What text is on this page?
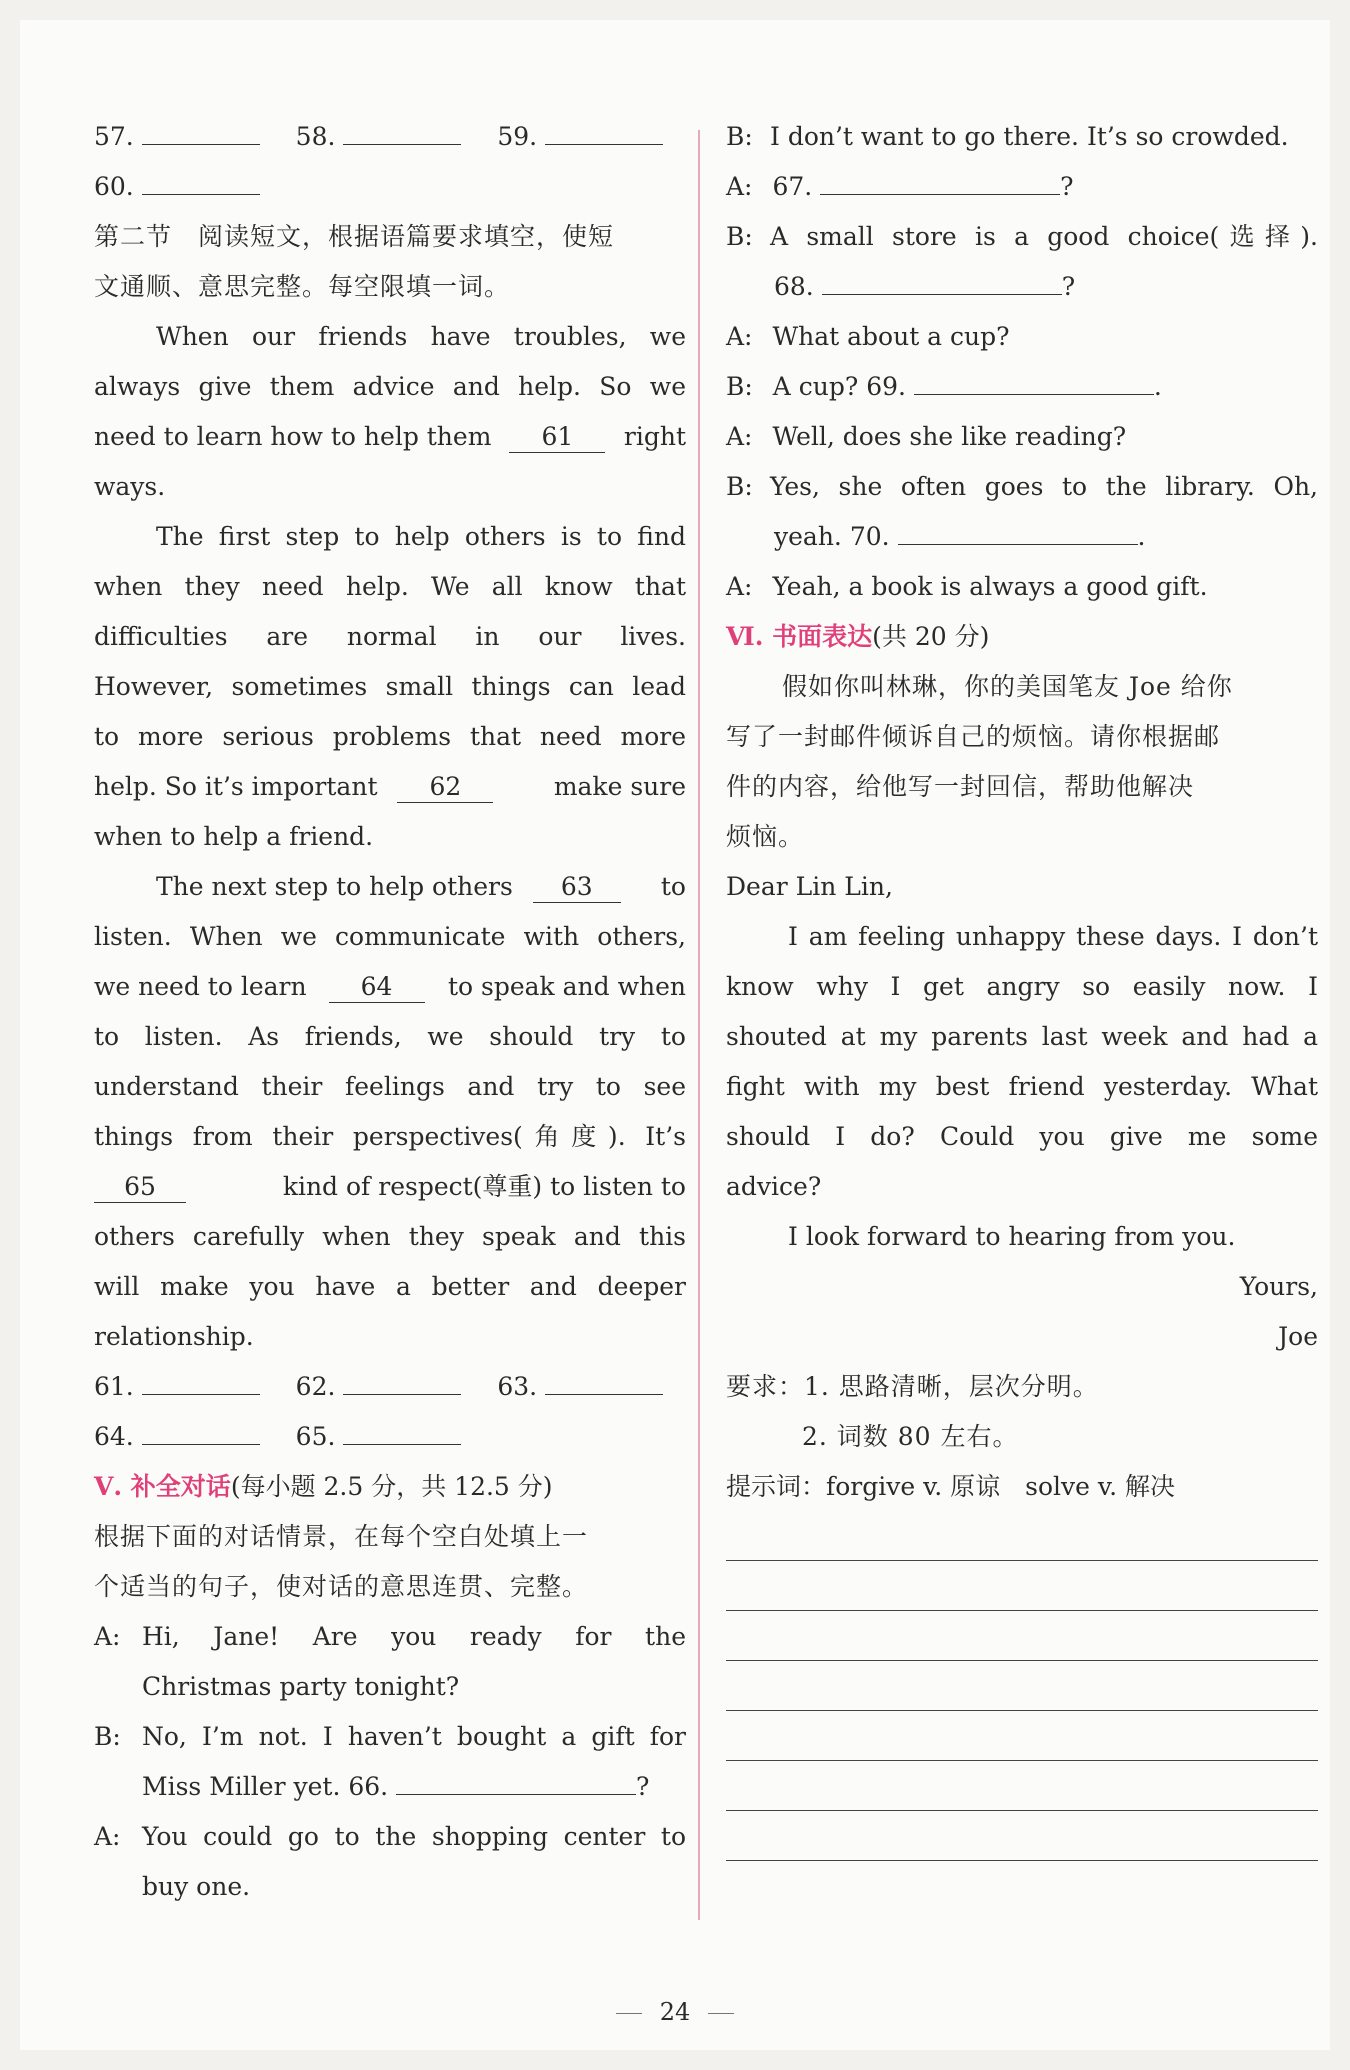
57.	58.	59.
60.
第二节　阅读短文，根据语篇要求填空，使短
文通顺、意思完整。每空限填一词。
When our friends have troubles, we
always give them advice and help. So we
need to learn how to help them 61 right
ways.
The first step to help others is to find
when they need help. We all know that
difficulties are normal in our lives.
However, sometimes small things can lead
to more serious problems that need more
help. So it’s important 62	make sure
when to help a friend.
The next step to help others 63	to
listen. When we communicate with others,
we need to learn 64 to speak and when
to listen. As friends, we should try to
understand their feelings and try to see
things from their perspectives(角度). It’s
65	kind of respect(尊重) to listen to
others carefully when they speak and this
will make you have a better and deeper
relationship.
61.	62.	63.
64.	65.
Ⅴ. 补全对话(每小题 2.5 分，共 12.5 分)
根据下面的对话情景，在每个空白处填上一
个适当的句子，使对话的意思连贯、完整。
A: Hi, Jane! Are you ready for the
Christmas party tonight?
B: No, I’m not. I haven’t bought a gift for
Miss Miller yet. 66.	?
A: You could go to the shopping center to
buy one.
B: I don’t want to go there. It’s so crowded.
A: 67.	?
B: A small store is a good choice(选择).
68.	?
A: What about a cup?
B: A cup? 69.	.
A: Well, does she like reading?
B: Yes, she often goes to the library. Oh,
yeah. 70.	.
A: Yeah, a book is always a good gift.
Ⅵ. 书面表达(共 20 分)
假如你叫林琳，你的美国笔友 Joe 给你
写了一封邮件倾诉自己的烦恼。请你根据邮
件的内容，给他写一封回信，帮助他解决
烦恼。
Dear Lin Lin,
I am feeling unhappy these days. I don’t
know why I get angry so easily now. I
shouted at my parents last week and had a
fight with my best friend yesterday. What
should I do? Could you give me some
advice?
I look forward to hearing from you.
Yours,
Joe
要求：1. 思路清晰，层次分明。
2. 词数 80 左右。
提示词：forgive v. 原谅　solve v. 解决
24
